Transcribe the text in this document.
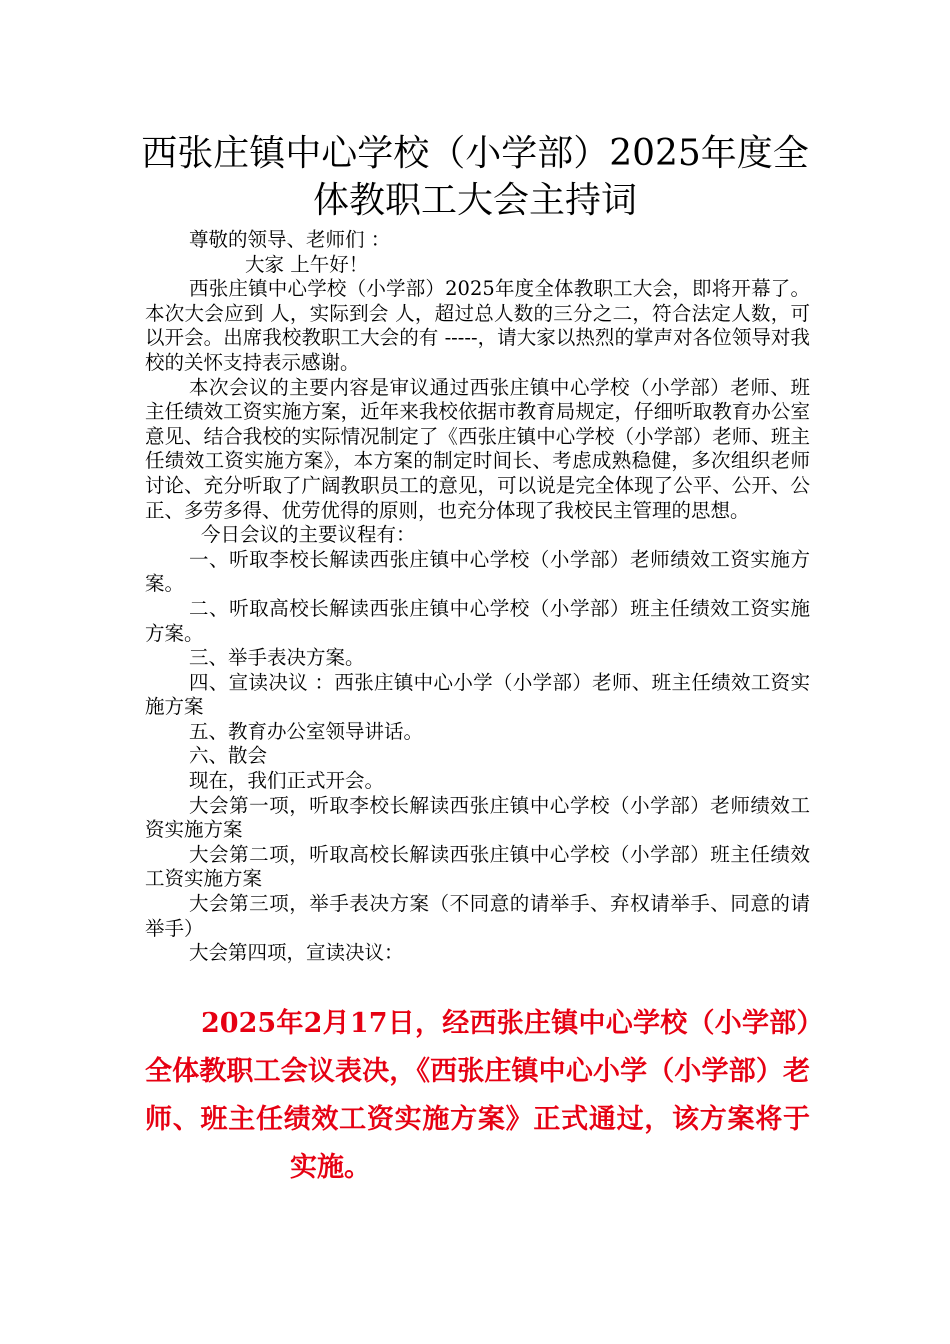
西张庄镇中心学校（小学部）2025年度全
体教职工大会主持词

尊敬的领导、老师们 ：

大家 上午好！

西张庄镇中心学校（小学部）2025年度全体教职工大会，即将开幕了。本次大会应到 人，实际到会 人，超过总人数的三分之二，符合法定人数，可以开会。出席我校教职工大会的有 -----，请大家以热烈的掌声对各位领导对我校的关怀支持表示感谢。

本次会议的主要内容是审议通过西张庄镇中心学校（小学部）老师、班主任绩效工资实施方案，近年来我校依据市教育局规定，仔细听取教育办公室意见、结合我校的实际情况制定了《西张庄镇中心学校（小学部）老师、班主任绩效工资实施方案》，本方案的制定时间长、考虑成熟稳健，多次组织老师讨论、充分听取了广阔教职员工的意见，可以说是完全体现了公平、公开、公正、多劳多得、优劳优得的原则，也充分体现了我校民主管理的思想。

今日会议的主要议程有：

一、听取李校长解读西张庄镇中心学校（小学部）老师绩效工资实施方案。

二、听取高校长解读西张庄镇中心学校（小学部）班主任绩效工资实施方案。

三、举手表决方案。

四、宣读决议 ：西张庄镇中心小学（小学部）老师、班主任绩效工资实施方案

五、教育办公室领导讲话。

六、散会

现在，我们正式开会。

大会第一项，听取李校长解读西张庄镇中心学校（小学部）老师绩效工资实施方案

大会第二项，听取高校长解读西张庄镇中心学校（小学部）班主任绩效工资实施方案

大会第三项，举手表决方案（不同意的请举手、弃权请举手、同意的请举手）

大会第四项，宣读决议：

2025年2月17日，经西张庄镇中心学校（小学部）全体教职工会议表决，《西张庄镇中心小学（小学部）老师、班主任绩效工资实施方案》正式通过，该方案将于实施。
